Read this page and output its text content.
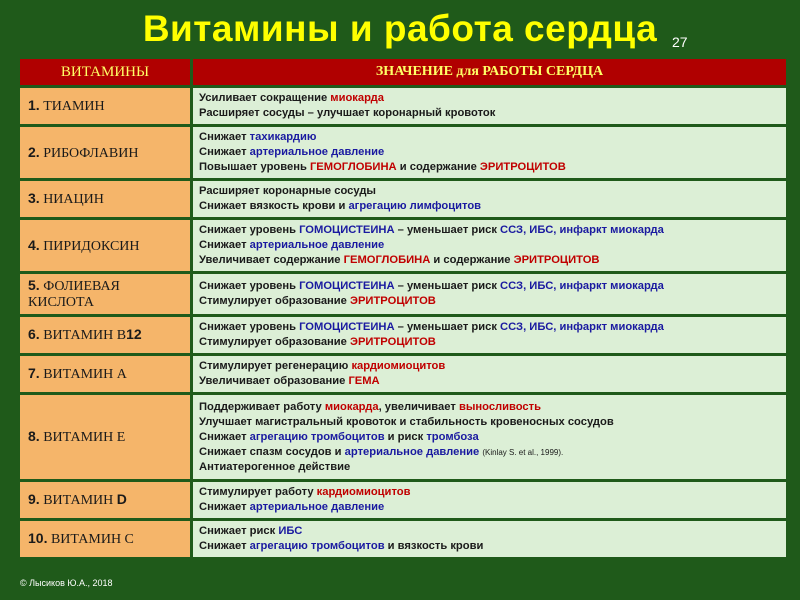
Витамины и работа сердца	27
ВИТАМИНЫ	ЗНАЧЕНИЕ для РАБОТЫ СЕРДЦА
1. ТИАМИН	Усиливает сокращение миокарда
Расширяет сосуды – улучшает коронарный кровоток

2. РИБОФЛАВИН	Снижает тахикардию
Снижает артериальное давление
Повышает уровень ГЕМОГЛОБИНА и содержание ЭРИТРОЦИТОВ

3. НИАЦИН	Расширяет коронарные сосуды
Снижает вязкость крови и агрегацию лимфоцитов

4. ПИРИДОКСИН	Снижает уровень ГОМОЦИСТЕИНА – уменьшает риск ССЗ, ИБС, инфаркт миокарда
Снижает артериальное давление
Увеличивает содержание ГЕМОГЛОБИНА и содержание ЭРИТРОЦИТОВ

5. ФОЛИЕВАЯ
КИСЛОТА	Снижает уровень ГОМОЦИСТЕИНА – уменьшает риск ССЗ, ИБС, инфаркт миокарда
Стимулирует образование ЭРИТРОЦИТОВ

6. ВИТАМИН В12	Снижает уровень ГОМОЦИСТЕИНА – уменьшает риск ССЗ, ИБС, инфаркт миокарда
Стимулирует образование ЭРИТРОЦИТОВ

7. ВИТАМИН А	Стимулирует регенерацию кардиомиоцитов
Увеличивает образование ГЕМА

8. ВИТАМИН Е	Поддерживает работу миокарда, увеличивает выносливость
Улучшает магистральный кровоток и стабильность кровеносных сосудов
Снижает агрегацию тромбоцитов и риск тромбоза
Снижает спазм сосудов и артериальное давление (Kinlay S. et al., 1999).
Антиатерогенное действие

9. ВИТАМИН D	Стимулирует работу кардиомиоцитов
Снижает артериальное давление

10. ВИТАМИН С	Снижает риск ИБС
Снижает агрегацию тромбоцитов и вязкость крови
© Лысиков Ю.А., 2018
